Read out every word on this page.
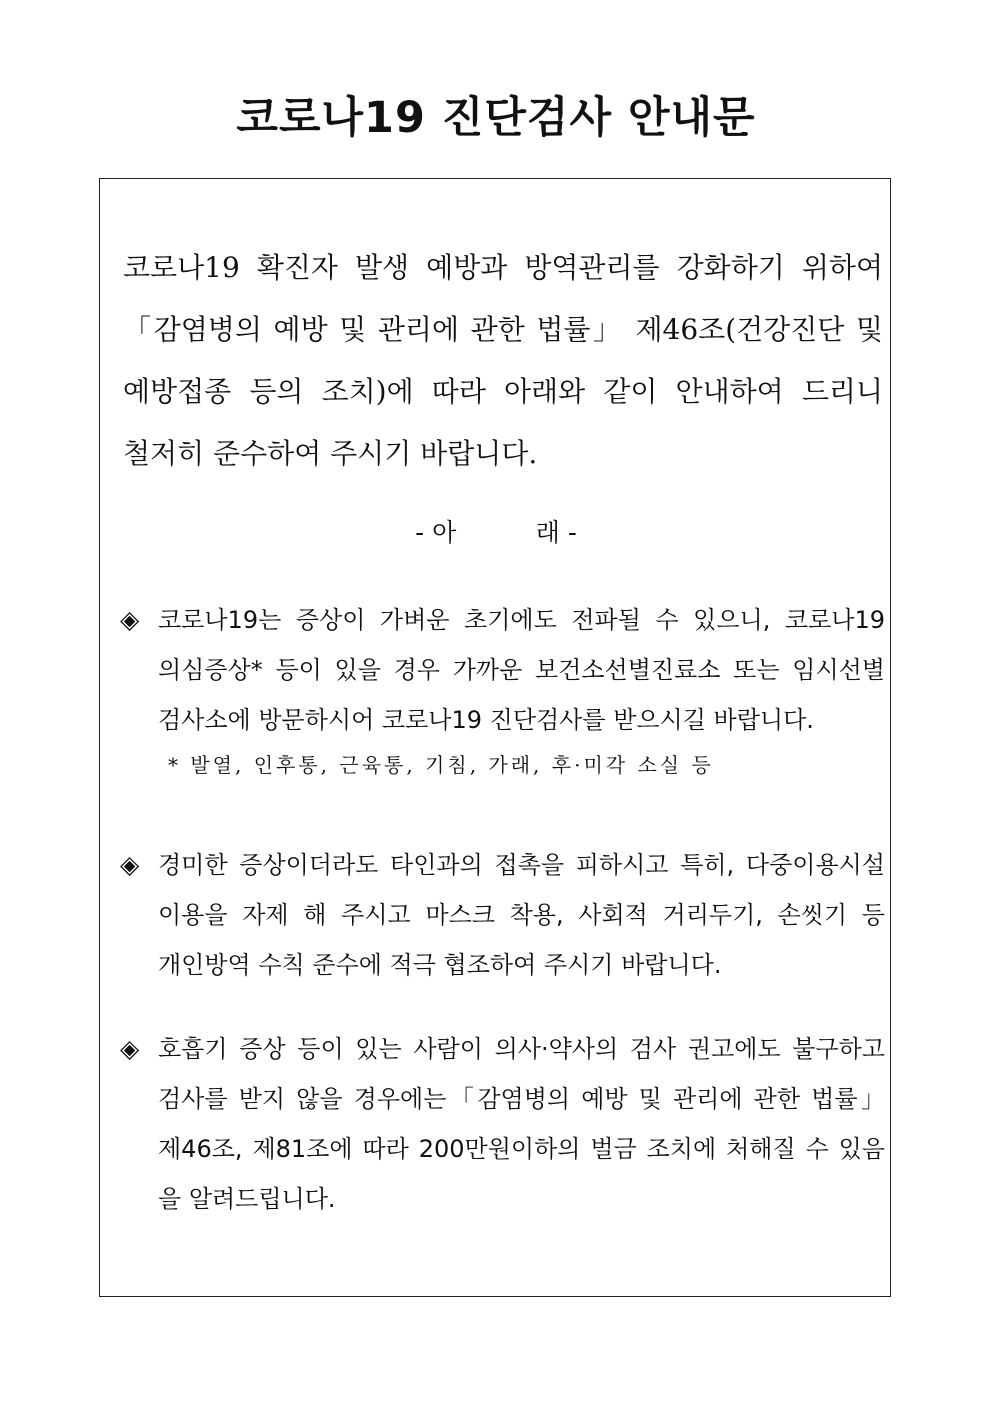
코로나19 진단검사 안내문

코로나19 확진자 발생 예방과 방역관리를 강화하기 위하여
「감염병의 예방 및 관리에 관한 법률」 제46조(건강진단 및
예방접종 등의 조치)에 따라 아래와 같이 안내하여 드리니
철저히 준수하여 주시기 바랍니다.

- 아          래 -

◈ 코로나19는 증상이 가벼운 초기에도 전파될 수 있으니, 코로나19
의심증상* 등이 있을 경우 가까운 보건소선별진료소 또는 임시선별
검사소에 방문하시어 코로나19 진단검사를 받으시길 바랍니다.
* 발열, 인후통, 근육통, 기침, 가래, 후·미각 소실 등
◈ 경미한 증상이더라도 타인과의 접촉을 피하시고 특히, 다중이용시설
이용을 자제 해 주시고 마스크 착용, 사회적 거리두기, 손씻기 등
개인방역 수칙 준수에 적극 협조하여 주시기 바랍니다.
◈ 호흡기 증상 등이 있는 사람이 의사·약사의 검사 권고에도 불구하고
검사를 받지 않을 경우에는「감염병의 예방 및 관리에 관한 법률」
제46조, 제81조에 따라 200만원이하의 벌금 조치에 처해질 수 있음
을 알려드립니다.
